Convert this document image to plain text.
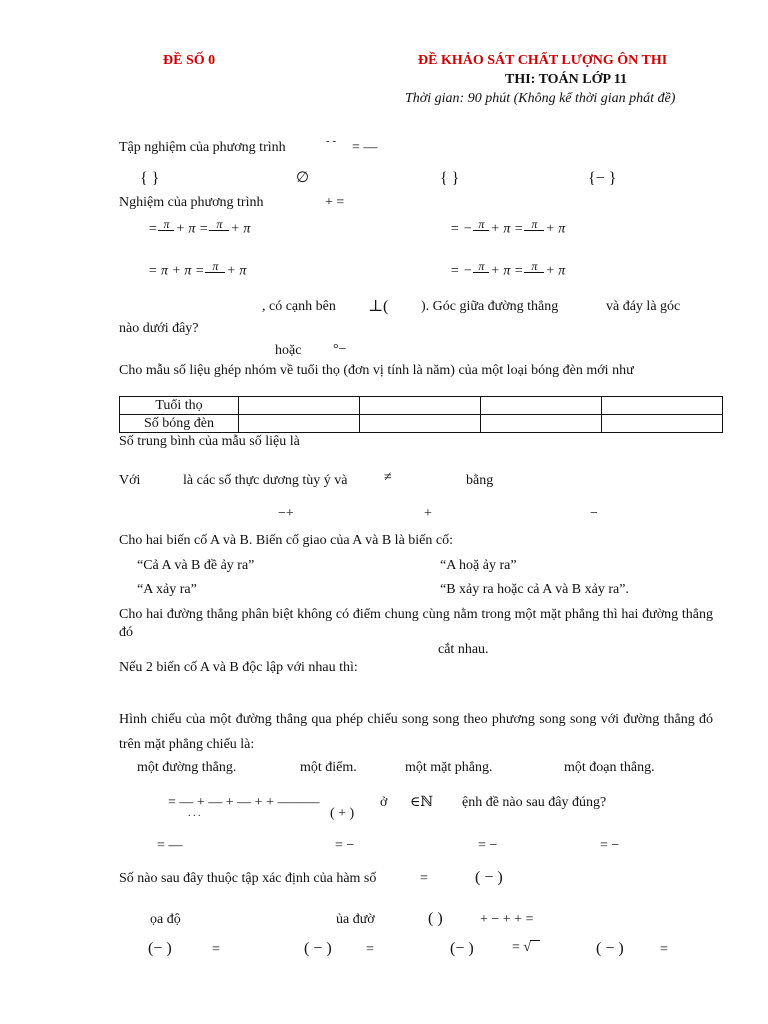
ĐỀ SỐ 0	ĐỀ KHẢO SÁT CHẤT LƯỢNG ÔN THI
THI: TOÁN LỚP 11
Thời gian: 90 phút (Không kể thời gian phát đề)
Tập nghiệm của phương trình	- - = —
{ }	∅	{ }	{− }
Nghiệm của phương trình	+ =
= π + π = π + π	= − π + π = π + π
= π + π = π + π	= − π + π = π + π
, có cạnh bên ⊥( ). Góc giữa đường thẳng	và đáy là góc
nào dưới đây?
hoặc °−
Cho mẫu số liệu ghép nhóm về tuổi thọ (đơn vị tính là năm) của một loại bóng đèn mới như
Tuổi thọ				
Số bóng đèn				
Số trung bình của mẫu số liệu là
Với	là các số thực dương tùy ý và	≠	bằng
−+	+	−
Cho hai biến cố A và B. Biến cố giao của A và B là biến cố:
“Cả A và B đề ảy ra”	“A hoặ ảy ra”
“A xảy ra”	“B xảy ra hoặc cả A và B xảy ra”.
Cho hai đường thẳng phân biệt không có điểm chung cùng nằm trong một mặt phẳng thì hai đường thẳng đó
cắt nhau.
Nếu 2 biến cố A và B độc lập với nhau thì:
Hình chiếu của một đường thẳng qua phép chiếu song song theo phương song song với đường thẳng đó trên mặt phẳng chiếu là:
một đường thẳng.	một điểm.	một mặt phẳng.	một đoạn thẳng.
= — + — + — + + ———
. . .	( + )
ở ∈ℕ ệnh đề nào sau đây đúng?
= —	= −	= −	= −
Số nào sau đây thuộc tập xác định của hàm số	=	( − )
ọa độ	ủa đườ	( )	+ − + + =
(− )	=	( − ) =	(− )	= √	( − )	=
